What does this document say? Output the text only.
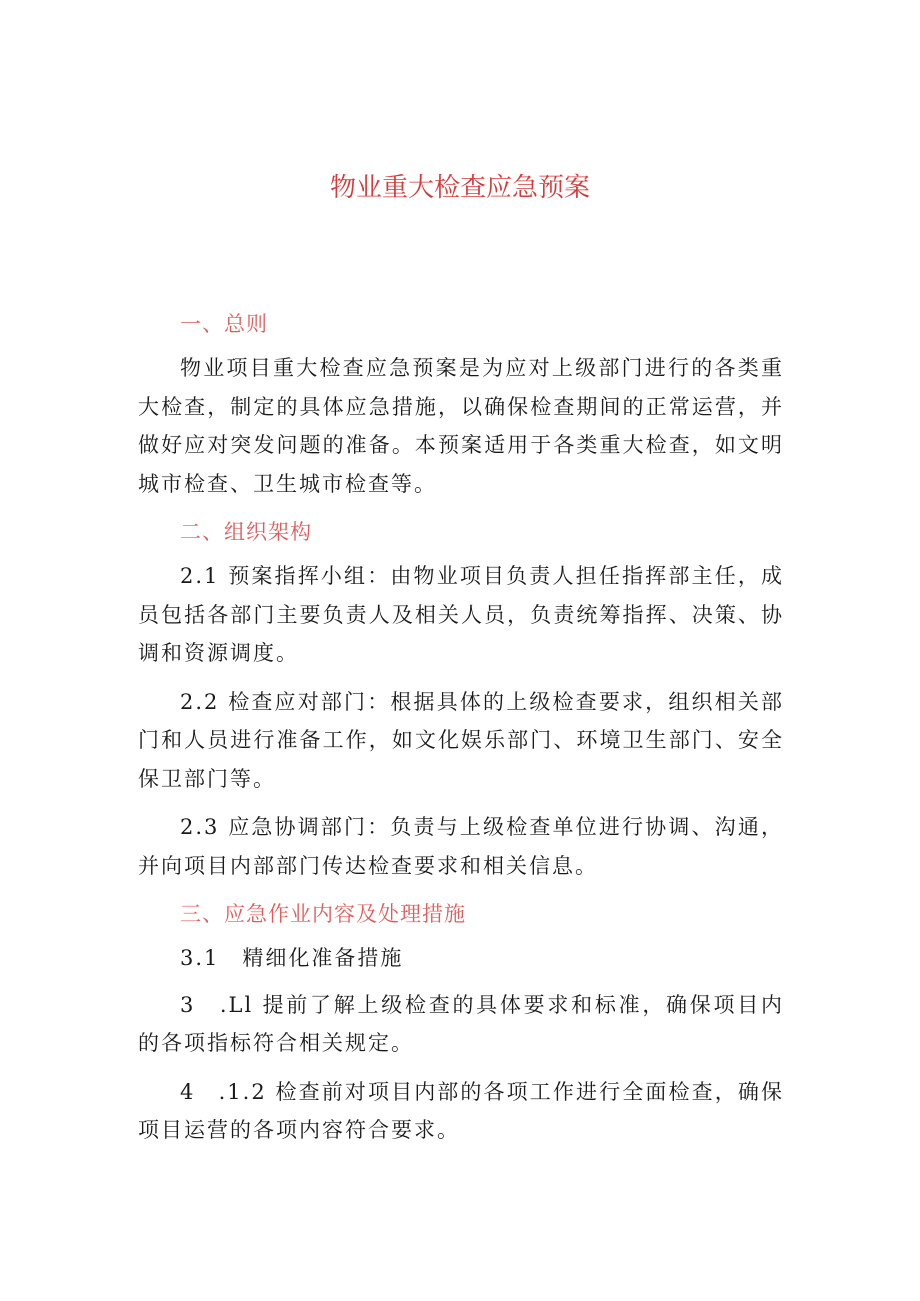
物业重大检查应急预案
一、总则

物业项目重大检查应急预案是为应对上级部门进行的各类重大检查，制定的具体应急措施，以确保检查期间的正常运营，并做好应对突发问题的准备。本预案适用于各类重大检查，如文明城市检查、卫生城市检查等。

二、组织架构

2.1 预案指挥小组：由物业项目负责人担任指挥部主任，成员包括各部门主要负责人及相关人员，负责统筹指挥、决策、协调和资源调度。

2.2 检查应对部门：根据具体的上级检查要求，组织相关部门和人员进行准备工作，如文化娱乐部门、环境卫生部门、安全保卫部门等。

2.3 应急协调部门：负责与上级检查单位进行协调、沟通，并向项目内部部门传达检查要求和相关信息。

三、应急作业内容及处理措施

3.1　精细化准备措施

3　.Ll 提前了解上级检查的具体要求和标准，确保项目内的各项指标符合相关规定。

4　.1.2 检查前对项目内部的各项工作进行全面检查，确保项目运营的各项内容符合要求。
